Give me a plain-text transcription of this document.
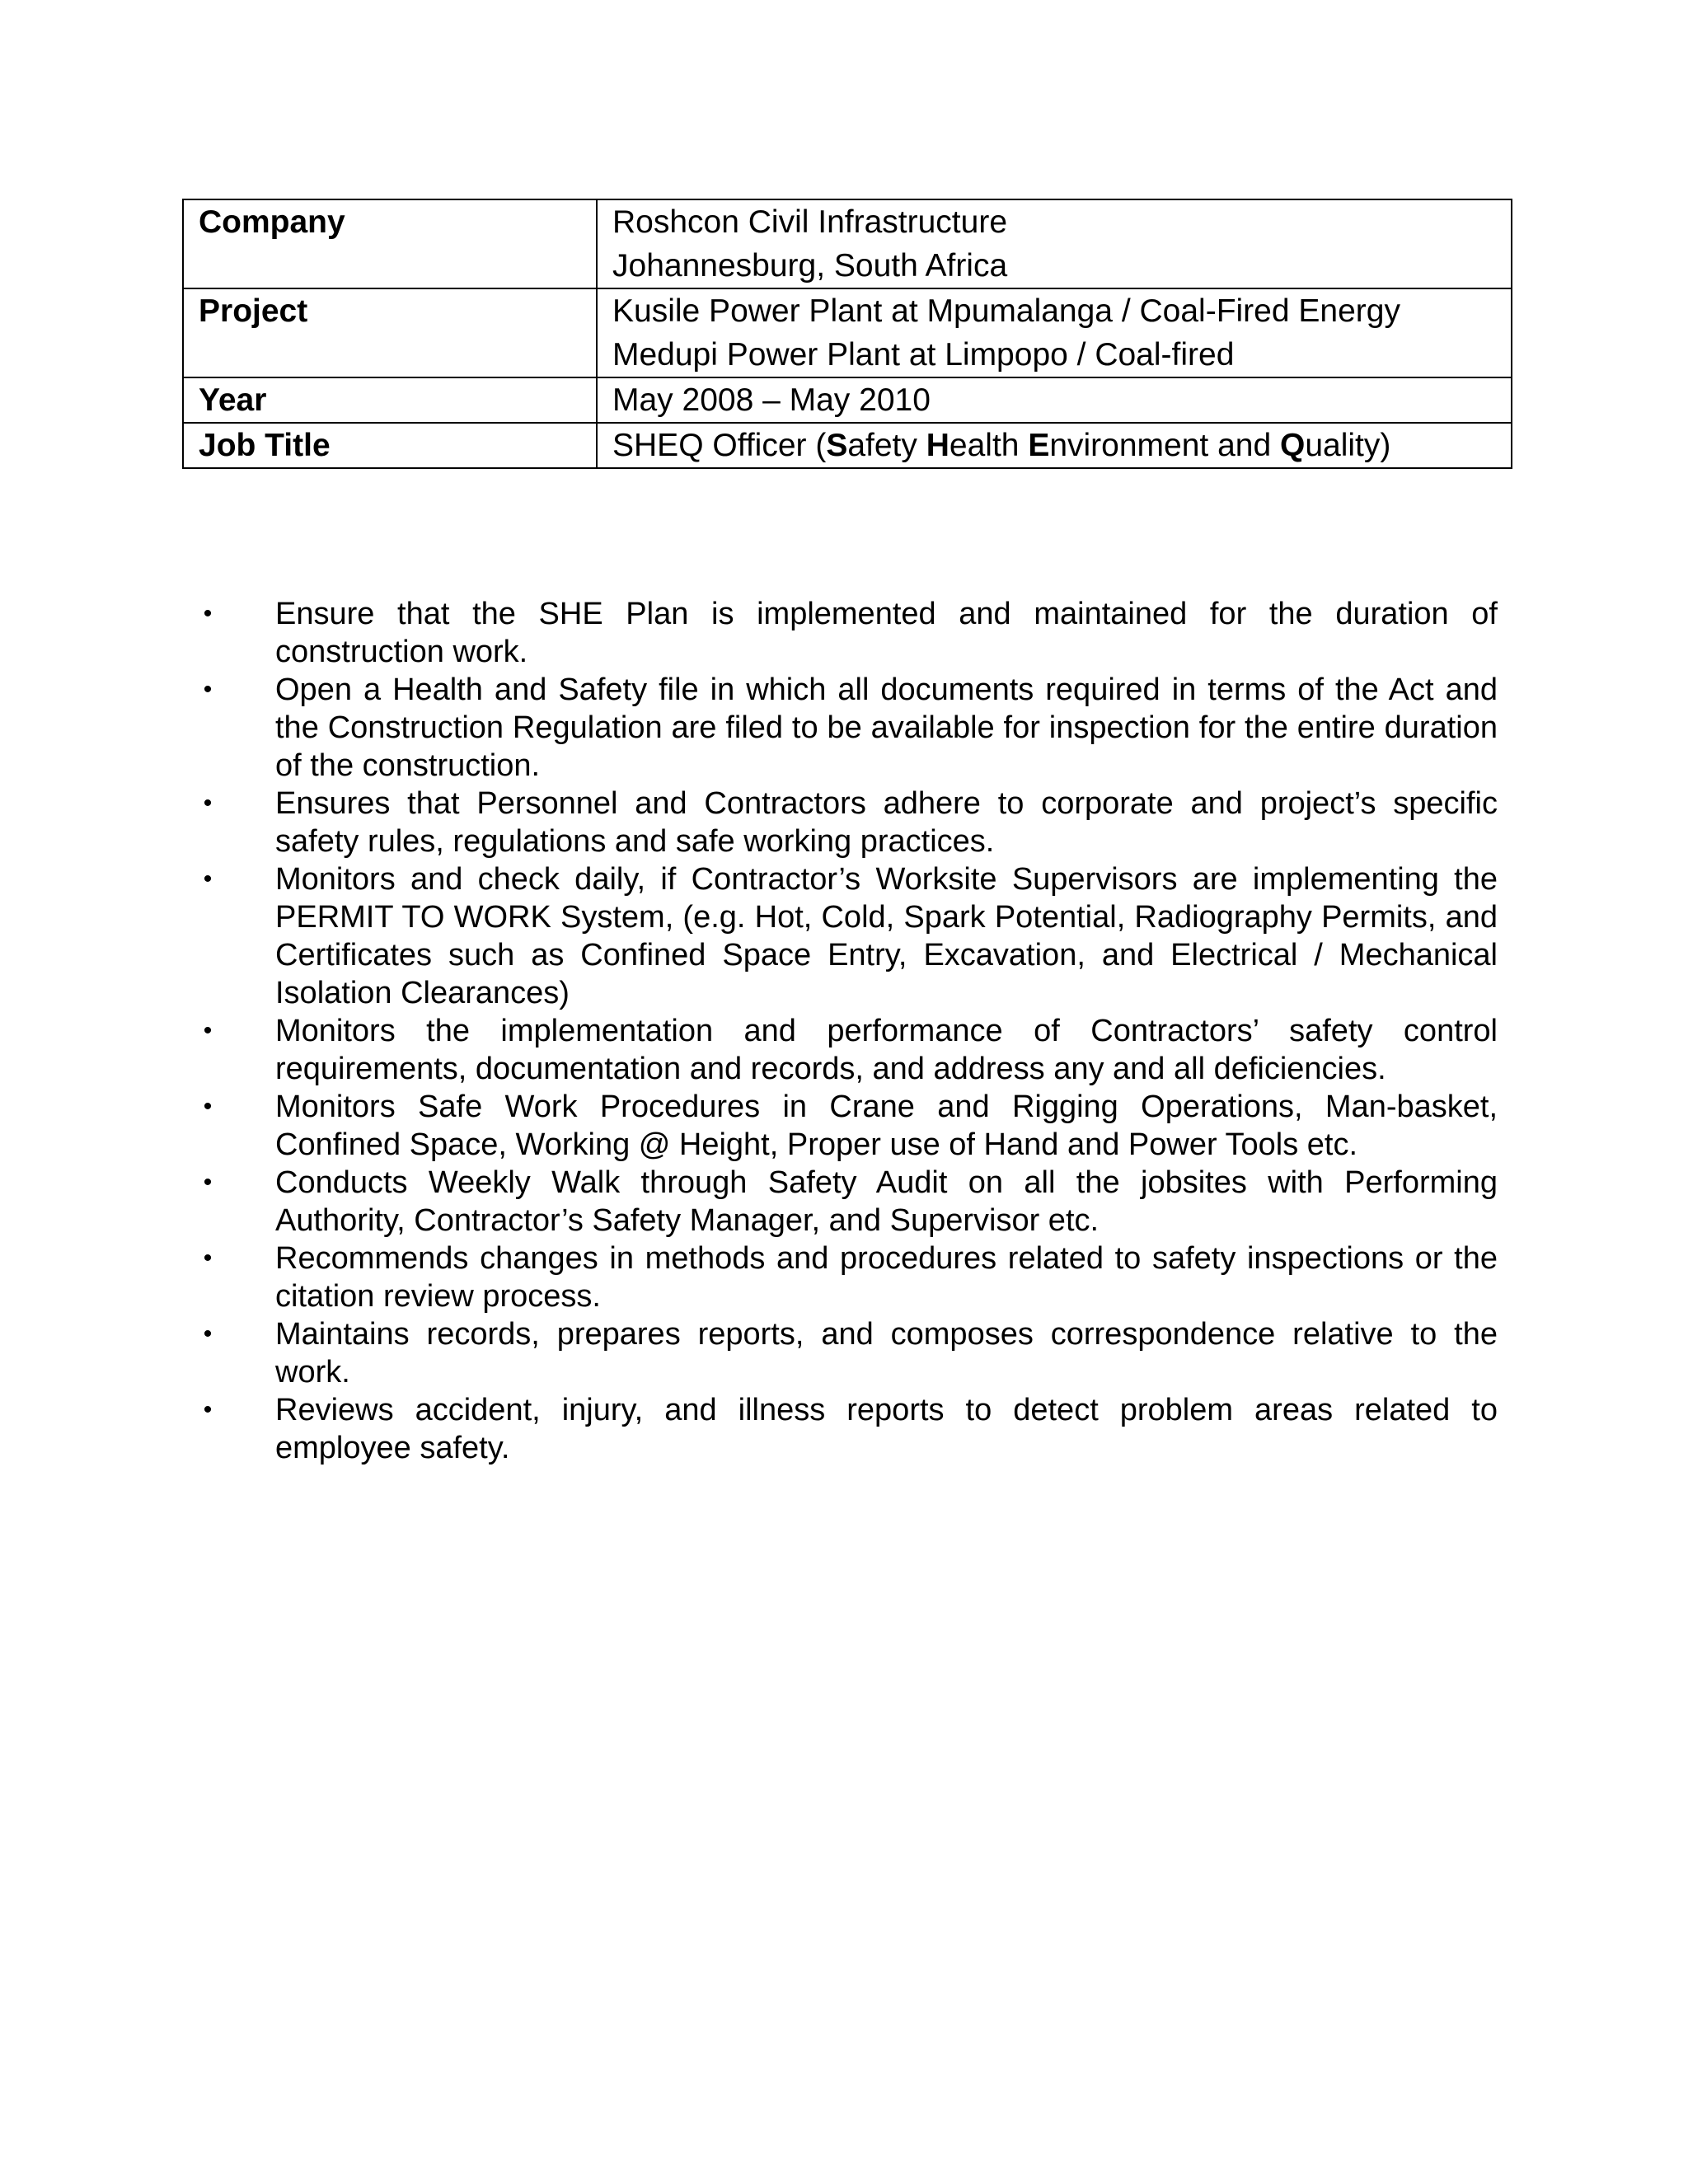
Company	Roshcon Civil Infrastructure
Johannesburg, South Africa

Project	Kusile Power Plant at Mpumalanga / Coal-Fired Energy
Medupi Power Plant at Limpopo / Coal-fired

Year	May 2008 – May 2010
Job Title	SHEQ Officer (Safety Health Environment and Quality)
• Ensure that the SHE Plan is implemented and maintained for the duration of construction work.
• Open a Health and Safety file in which all documents required in terms of the Act and the Construction Regulation are filed to be available for inspection for the entire duration of the construction.
• Ensures that Personnel and Contractors adhere to corporate and project’s specific safety rules, regulations and safe working practices.
• Monitors and check daily, if Contractor’s Worksite Supervisors are implementing the PERMIT TO WORK System, (e.g. Hot, Cold, Spark Potential, Radiography Permits, and Certificates such as Confined Space Entry, Excavation, and Electrical / Mechanical Isolation Clearances)
• Monitors the implementation and performance of Contractors’ safety control requirements, documentation and records, and address any and all deficiencies.
• Monitors Safe Work Procedures in Crane and Rigging Operations, Man-basket, Confined Space, Working @ Height, Proper use of Hand and Power Tools etc.
• Conducts Weekly Walk through Safety Audit on all the jobsites with Performing Authority, Contractor’s Safety Manager, and Supervisor etc.
• Recommends changes in methods and procedures related to safety inspections or the citation review process.
• Maintains records, prepares reports, and composes correspondence relative to the work.
• Reviews accident, injury, and illness reports to detect problem areas related to employee safety.
